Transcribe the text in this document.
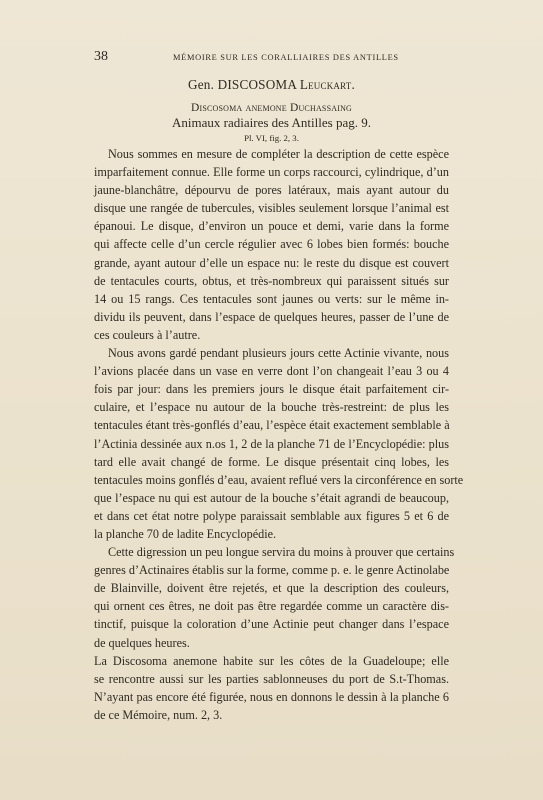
38	MÉMOIRE SUR LES CORALLIAIRES DES ANTILLES
Gen. DISCOSOMA Leuckart.
Discosoma anemone Duchassaing
Animaux radiaires des Antilles pag. 9.
Pl. VI, fig. 2, 3.
Nous sommes en mesure de compléter la description de cette espèce
imparfaitement connue. Elle forme un corps raccourci, cylindrique, d’un
jaune-blanchâtre, dépourvu de pores latéraux, mais ayant autour du
disque une rangée de tubercules, visibles seulement lorsque l’animal est
épanoui. Le disque, d’environ un pouce et demi, varie dans la forme
qui affecte celle d’un cercle régulier avec 6 lobes bien formés: bouche
grande, ayant autour d’elle un espace nu: le reste du disque est couvert
de tentacules courts, obtus, et très-nombreux qui paraissent situés sur
14 ou 15 rangs. Ces tentacules sont jaunes ou verts: sur le même in-
dividu ils peuvent, dans l’espace de quelques heures, passer de l’une de
ces couleurs à l’autre.
Nous avons gardé pendant plusieurs jours cette Actinie vivante, nous
l’avions placée dans un vase en verre dont l’on changeait l’eau 3 ou 4
fois par jour: dans les premiers jours le disque était parfaitement cir-
culaire, et l’espace nu autour de la bouche très-restreint: de plus les
tentacules étant très-gonflés d’eau, l’espèce était exactement semblable à
l’Actinia dessinée aux n.os 1, 2 de la planche 71 de l’Encyclopédie: plus
tard elle avait changé de forme. Le disque présentait cinq lobes, les
tentacules moins gonflés d’eau, avaient reflué vers la circonférence en sorte
que l’espace nu qui est autour de la bouche s’était agrandi de beaucoup,
et dans cet état notre polype paraissait semblable aux figures 5 et 6 de
la planche 70 de ladite Encyclopédie.
Cette digression un peu longue servira du moins à prouver que certains
genres d’Actinaires établis sur la forme, comme p. e. le genre Actinolabe
de Blainville, doivent être rejetés, et que la description des couleurs,
qui ornent ces êtres, ne doit pas être regardée comme un caractère dis-
tinctif, puisque la coloration d’une Actinie peut changer dans l’espace
de quelques heures.
La Discosoma anemone habite sur les côtes de la Guadeloupe; elle
se rencontre aussi sur les parties sablonneuses du port de S.t-Thomas.
N’ayant pas encore été figurée, nous en donnons le dessin à la planche 6
de ce Mémoire, num. 2, 3.
